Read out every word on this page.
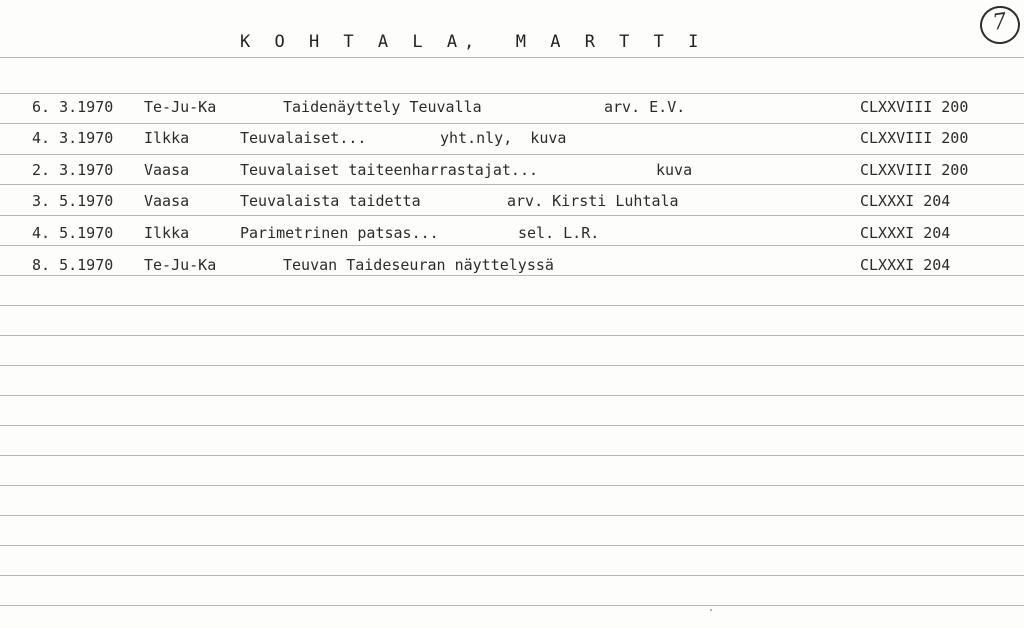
K O H T A L A,  M A R T T I
7
6. 3.1970 Te-Ju-Ka	Taidenäyttely Teuvalla	arv. E.V.	CLXXVIII 200
4. 3.1970 Ilkka	Teuvalaiset...	yht.nly,  kuva	CLXXVIII 200
2. 3.1970 Vaasa	Teuvalaiset taiteenharrastajat...	kuva	CLXXVIII 200
3. 5.1970 Vaasa	Teuvalaista taidetta	arv. Kirsti Luhtala	CLXXXI 204
4. 5.1970 Ilkka	Parimetrinen patsas...	sel. L.R.	CLXXXI 204
8. 5.1970 Te-Ju-Ka	Teuvan Taideseuran näyttelyssä	CLXXXI 204
